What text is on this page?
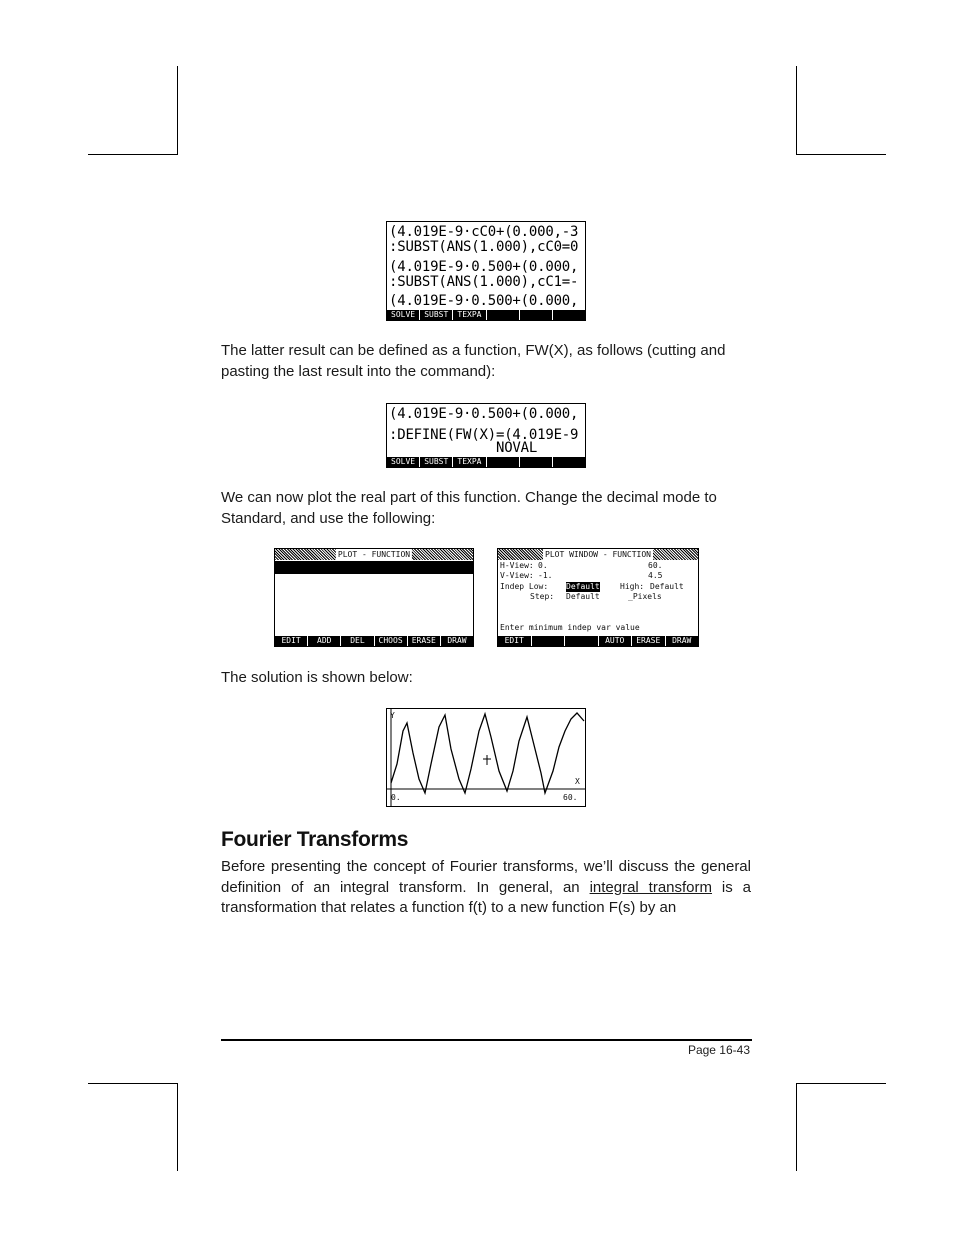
(4.019E-9·cC0+(0.000,-3
:SUBST(ANS(1.000),cC0=0
(4.019E-9·0.500+(0.000,
:SUBST(ANS(1.000),cC1=-
(4.019E-9·0.500+(0.000,
SOLVE	SUBST	TEXPA

The latter result can be defined as a function, FW(X), as follows (cutting and pasting the last result into the command):

(4.019E-9·0.500+(0.000,
:DEFINE(FW(X)=(4.019E-9
NOVAL
SOLVE	SUBST	TEXPA

We can now plot the real part of this function. Change the decimal mode to Standard, and use the following:

PLOT - FUNCTION
Y1(X)=RE(FW(X))
EDIT	ADD	DEL	CHOOS	ERASE	DRAW
PLOT WINDOW - FUNCTION
H-View: 0.	60.
V-View: -1.	4.5
Indep Low: Default	High: Default
Step: Default	_Pixels
Enter minimum indep var value
EDIT	AUTO	ERASE	DRAW

The solution is shown below:

Y
X
0.	60.
Fourier Transforms

Before presenting the concept of Fourier transforms, we’ll discuss the general definition of an integral transform. In general, an integral transform is a transformation that relates a function f(t) to a new function F(s) by an

Page 16-43
